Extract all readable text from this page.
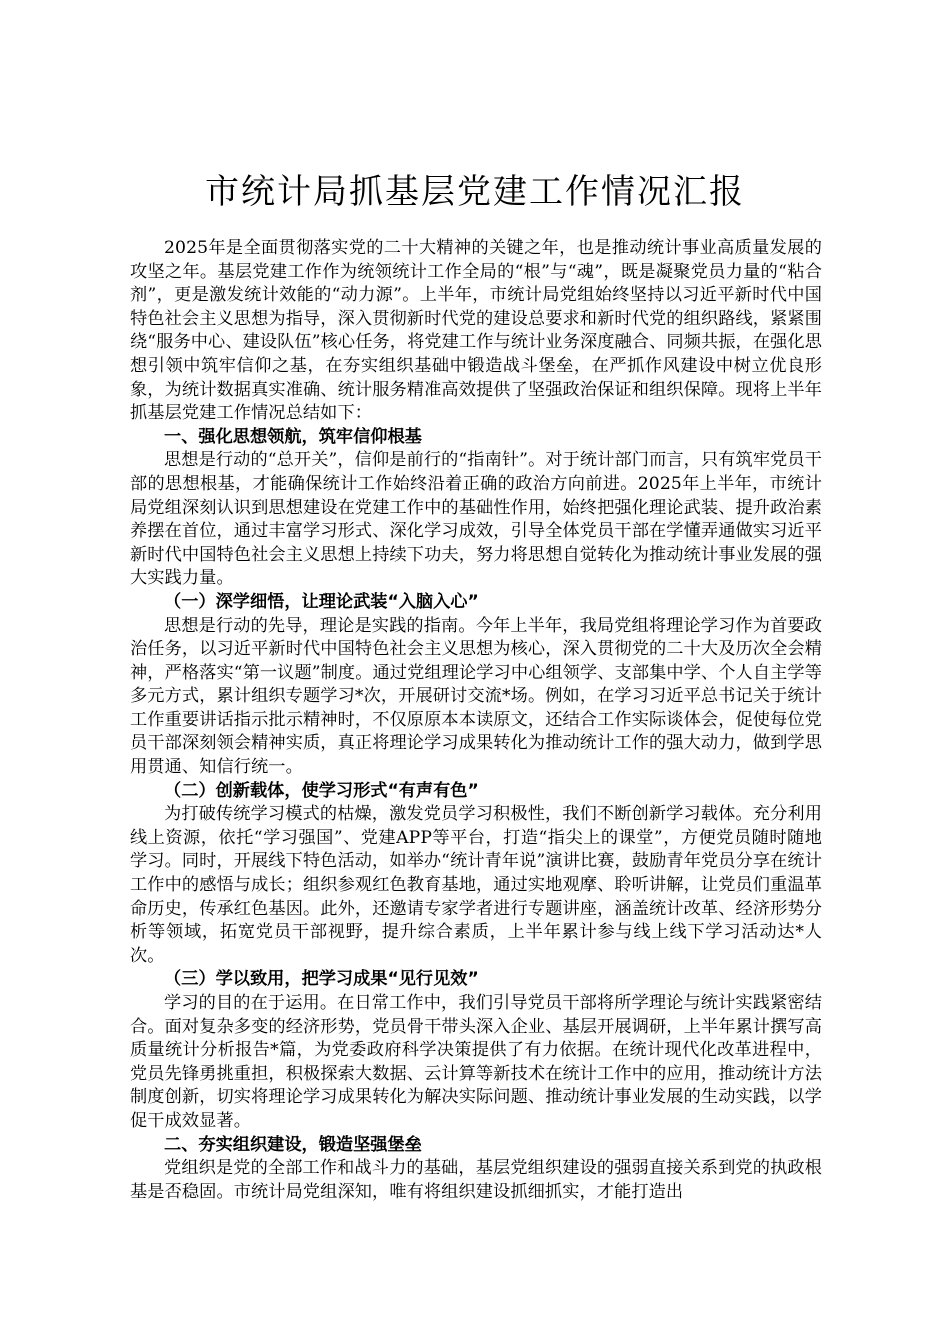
市统计局抓基层党建工作情况汇报

2025年是全面贯彻落实党的二十大精神的关键之年，也是推动统计事业高质量发展的攻坚之年。基层党建工作作为统领统计工作全局的“根”与“魂”，既是凝聚党员力量的“粘合剂”，更是激发统计效能的“动力源”。上半年，市统计局党组始终坚持以习近平新时代中国特色社会主义思想为指导，深入贯彻新时代党的建设总要求和新时代党的组织路线，紧紧围绕“服务中心、建设队伍”核心任务，将党建工作与统计业务深度融合、同频共振，在强化思想引领中筑牢信仰之基，在夯实组织基础中锻造战斗堡垒，在严抓作风建设中树立优良形象，为统计数据真实准确、统计服务精准高效提供了坚强政治保证和组织保障。现将上半年抓基层党建工作情况总结如下：

一、强化思想领航，筑牢信仰根基

思想是行动的“总开关”，信仰是前行的“指南针”。对于统计部门而言，只有筑牢党员干部的思想根基，才能确保统计工作始终沿着正确的政治方向前进。2025年上半年，市统计局党组深刻认识到思想建设在党建工作中的基础性作用，始终把强化理论武装、提升政治素养摆在首位，通过丰富学习形式、深化学习成效，引导全体党员干部在学懂弄通做实习近平新时代中国特色社会主义思想上持续下功夫，努力将思想自觉转化为推动统计事业发展的强大实践力量。

（一）深学细悟，让理论武装“入脑入心”

思想是行动的先导，理论是实践的指南。今年上半年，我局党组将理论学习作为首要政治任务，以习近平新时代中国特色社会主义思想为核心，深入贯彻党的二十大及历次全会精神，严格落实“第一议题”制度。通过党组理论学习中心组领学、支部集中学、个人自主学等多元方式，累计组织专题学习*次，开展研讨交流*场。例如，在学习习近平总书记关于统计工作重要讲话指示批示精神时，不仅原原本本读原文，还结合工作实际谈体会，促使每位党员干部深刻领会精神实质，真正将理论学习成果转化为推动统计工作的强大动力，做到学思用贯通、知信行统一。

（二）创新载体，使学习形式“有声有色”

为打破传统学习模式的枯燥，激发党员学习积极性，我们不断创新学习载体。充分利用线上资源，依托“学习强国”、党建APP等平台，打造“指尖上的课堂”，方便党员随时随地学习。同时，开展线下特色活动，如举办“统计青年说”演讲比赛，鼓励青年党员分享在统计工作中的感悟与成长；组织参观红色教育基地，通过实地观摩、聆听讲解，让党员们重温革命历史，传承红色基因。此外，还邀请专家学者进行专题讲座，涵盖统计改革、经济形势分析等领域，拓宽党员干部视野，提升综合素质，上半年累计参与线上线下学习活动达*人次。

（三）学以致用，把学习成果“见行见效”

学习的目的在于运用。在日常工作中，我们引导党员干部将所学理论与统计实践紧密结合。面对复杂多变的经济形势，党员骨干带头深入企业、基层开展调研，上半年累计撰写高质量统计分析报告*篇，为党委政府科学决策提供了有力依据。在统计现代化改革进程中，党员先锋勇挑重担，积极探索大数据、云计算等新技术在统计工作中的应用，推动统计方法制度创新，切实将理论学习成果转化为解决实际问题、推动统计事业发展的生动实践，以学促干成效显著。

二、夯实组织建设，锻造坚强堡垒

党组织是党的全部工作和战斗力的基础，基层党组织建设的强弱直接关系到党的执政根基是否稳固。市统计局党组深知，唯有将组织建设抓细抓实，才能打造出
